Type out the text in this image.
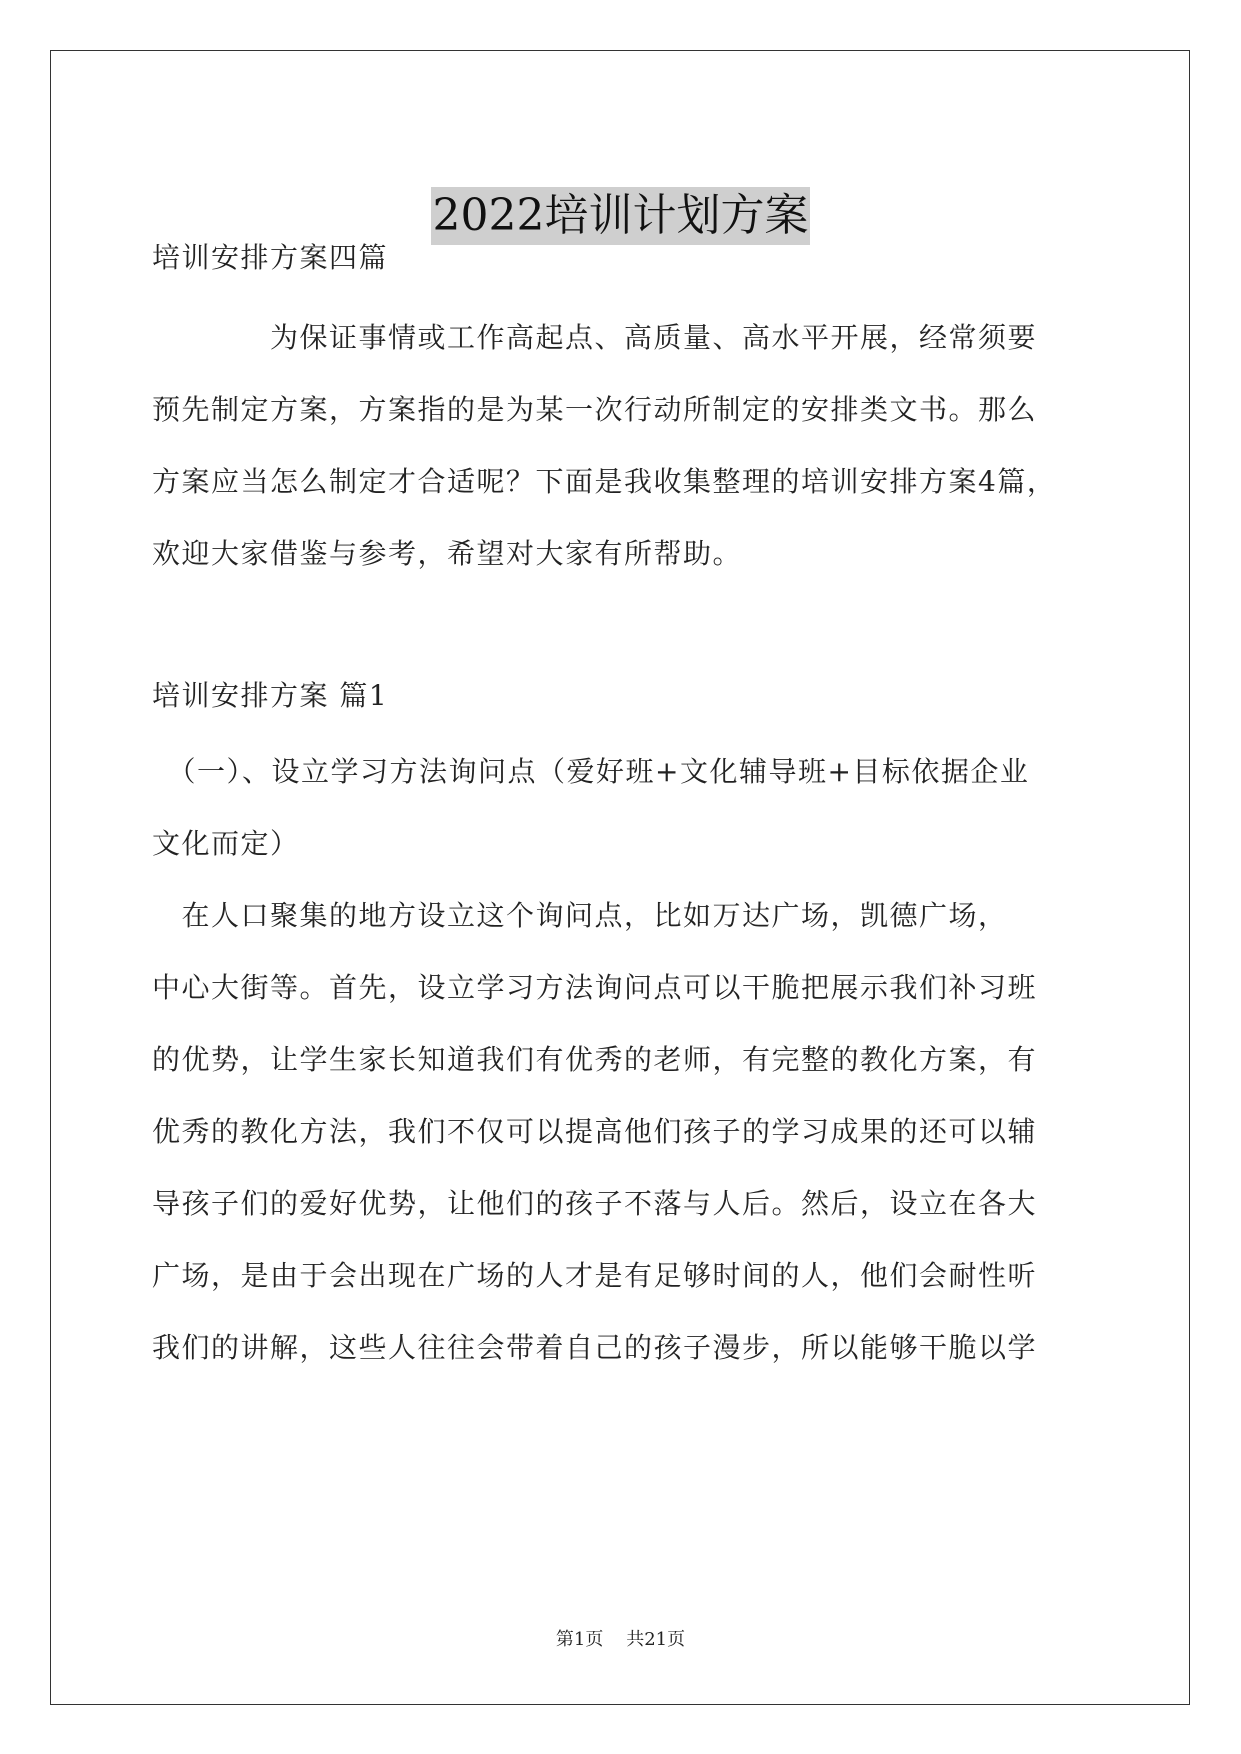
2022培训计划方案
培训安排方案四篇
　　　　为保证事情或工作高起点、高质量、高水平开展，经常须要
预先制定方案，方案指的是为某一次行动所制定的安排类文书。那么
方案应当怎么制定才合适呢？下面是我收集整理的培训安排方案4篇，
欢迎大家借鉴与参考，希望对大家有所帮助。
培训安排方案 篇1
　（一）、设立学习方法询问点（爱好班+文化辅导班+目标依据企业
文化而定）
　在人口聚集的地方设立这个询问点，比如万达广场，凯德广场，
中心大街等。首先，设立学习方法询问点可以干脆把展示我们补习班
的优势，让学生家长知道我们有优秀的老师，有完整的教化方案，有
优秀的教化方法，我们不仅可以提高他们孩子的学习成果的还可以辅
导孩子们的爱好优势，让他们的孩子不落与人后。然后，设立在各大
广场，是由于会出现在广场的人才是有足够时间的人，他们会耐性听
我们的讲解，这些人往往会带着自己的孩子漫步，所以能够干脆以学
第1页 共21页
